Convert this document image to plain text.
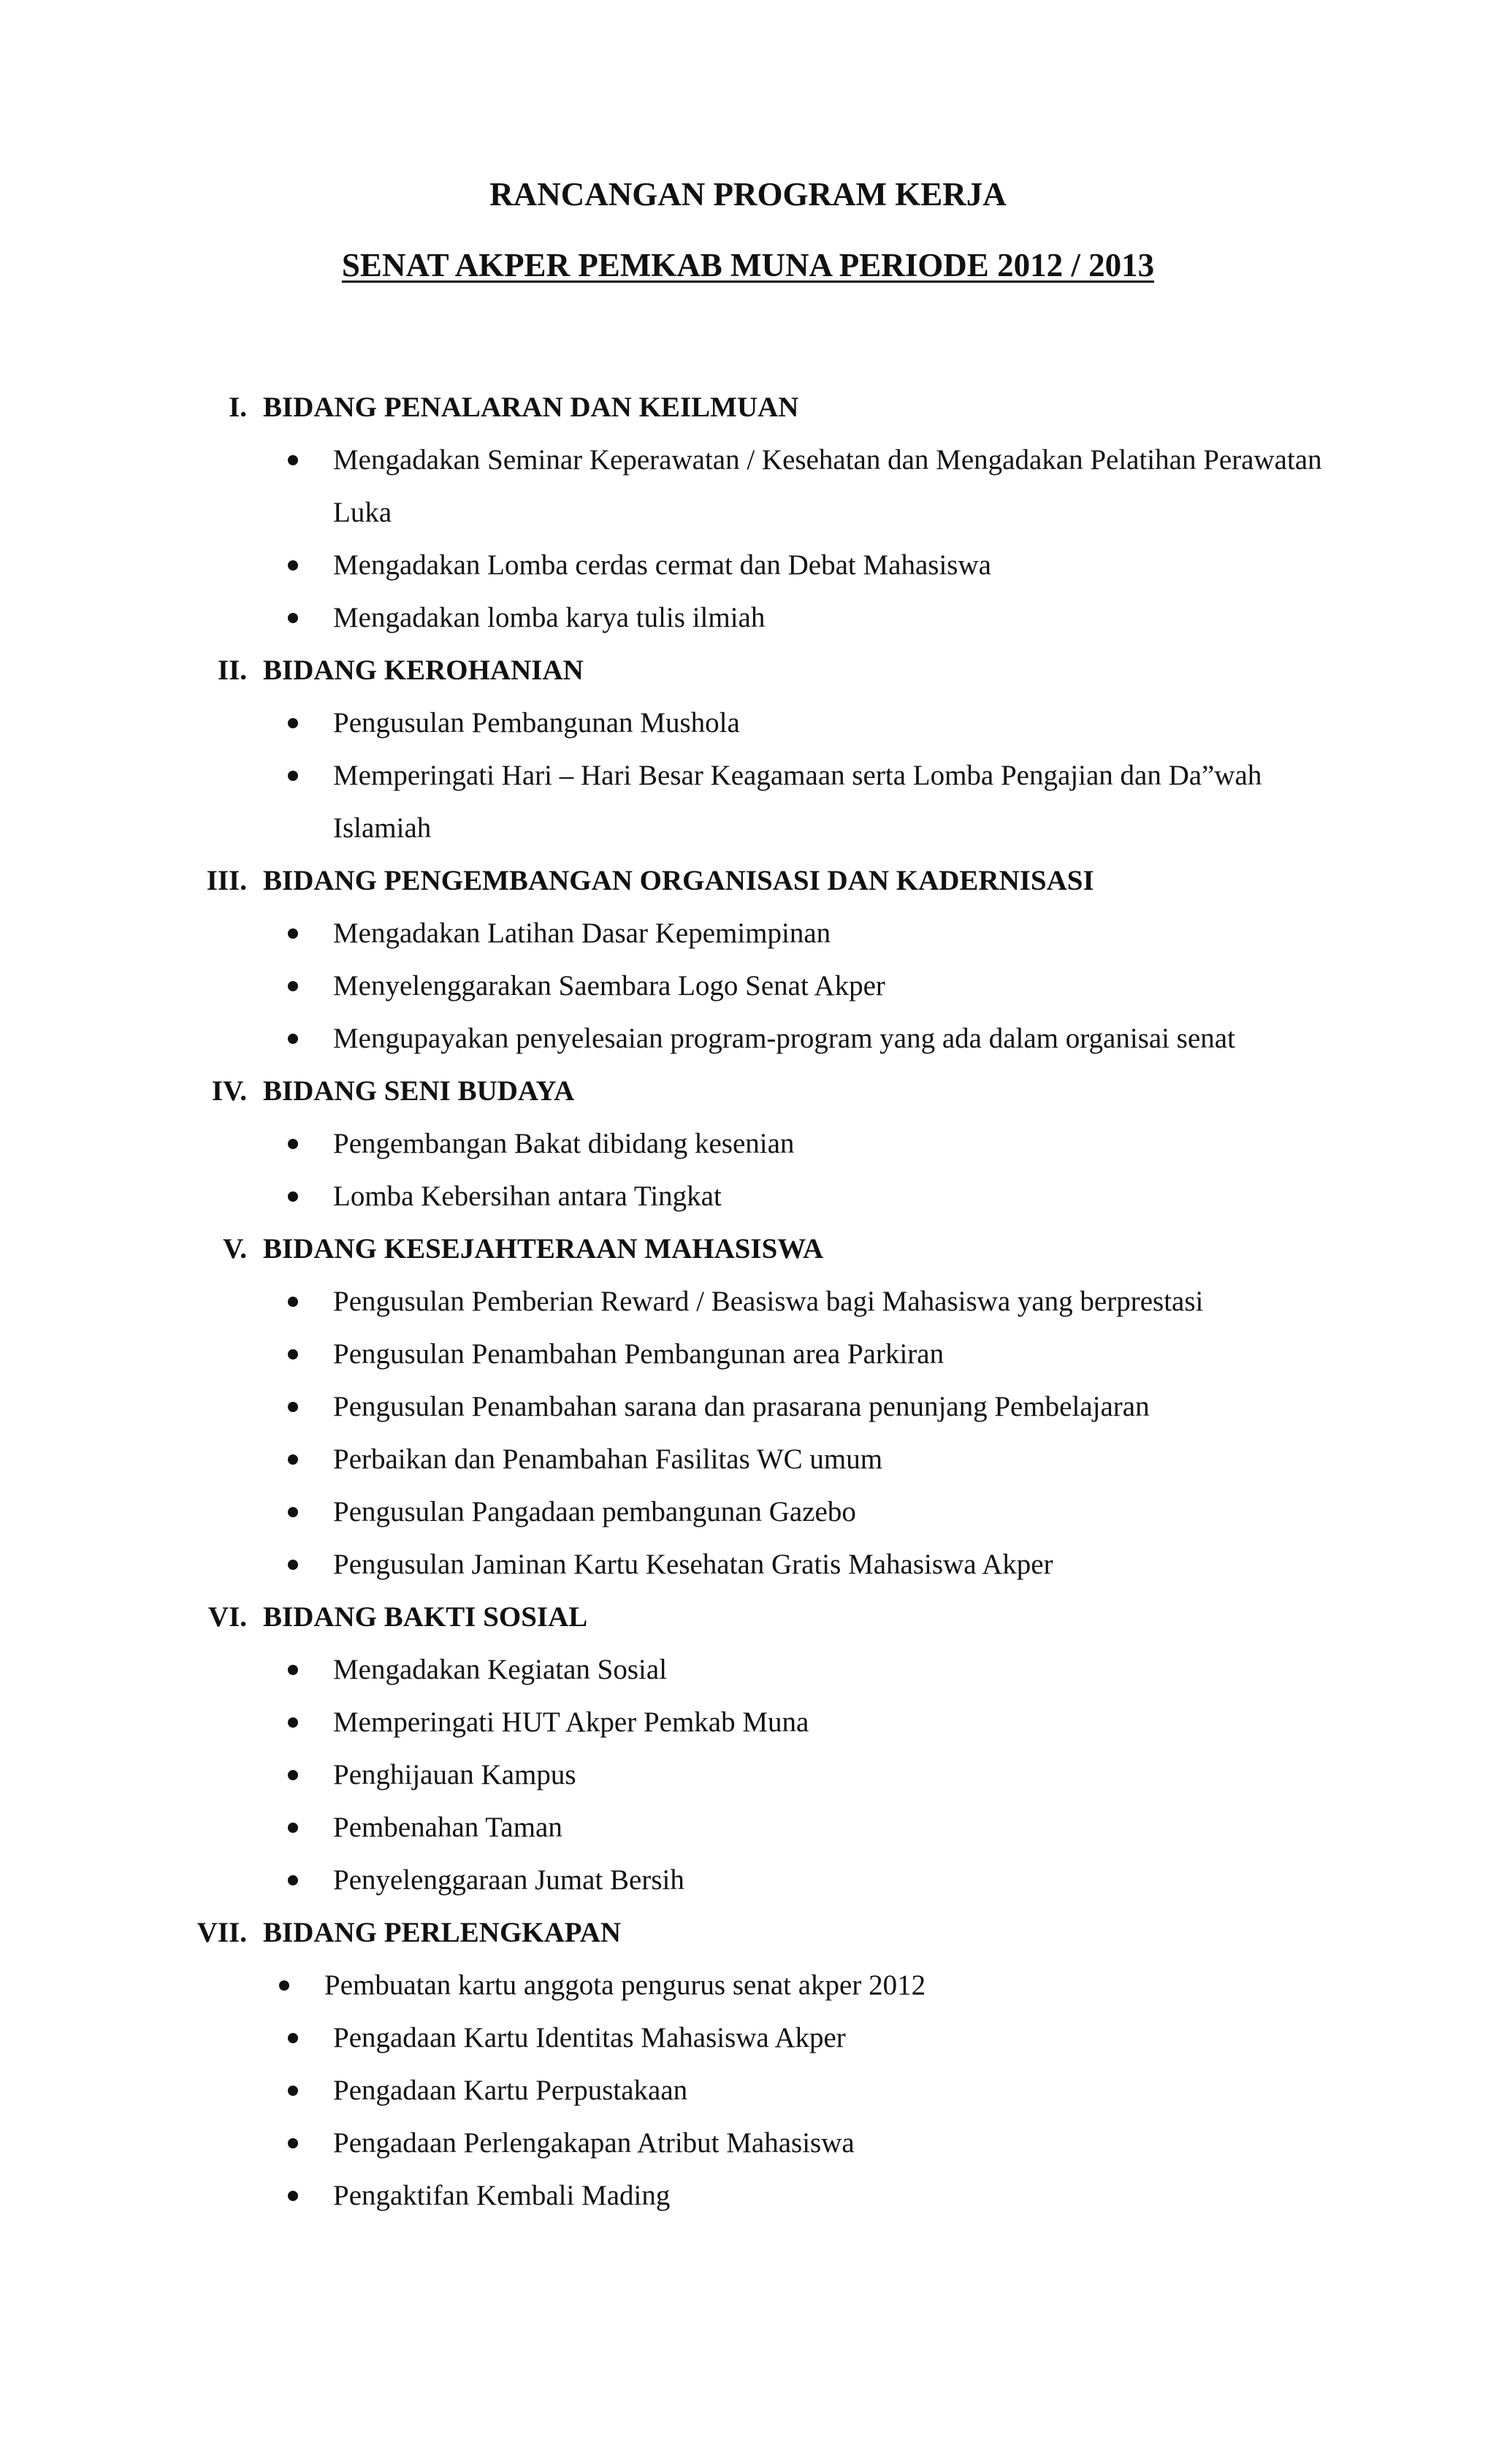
RANCANGAN PROGRAM KERJA
SENAT AKPER PEMKAB MUNA PERIODE 2012 / 2013
I. BIDANG PENALARAN DAN KEILMUAN
Mengadakan Seminar Keperawatan / Kesehatan dan Mengadakan Pelatihan Perawatan Luka
Mengadakan Lomba cerdas cermat dan Debat Mahasiswa
Mengadakan lomba karya tulis ilmiah
II. BIDANG KEROHANIAN
Pengusulan Pembangunan Mushola
Memperingati Hari – Hari Besar Keagamaan serta Lomba Pengajian dan Da”wah Islamiah
III. BIDANG PENGEMBANGAN ORGANISASI DAN KADERNISASI
Mengadakan Latihan Dasar Kepemimpinan
Menyelenggarakan Saembara Logo Senat Akper
Mengupayakan penyelesaian program-program yang ada dalam organisai senat
IV. BIDANG SENI BUDAYA
Pengembangan Bakat dibidang kesenian
Lomba Kebersihan antara Tingkat
V. BIDANG KESEJAHTERAAN MAHASISWA
Pengusulan Pemberian Reward / Beasiswa bagi Mahasiswa yang berprestasi
Pengusulan Penambahan Pembangunan area Parkiran
Pengusulan Penambahan sarana dan prasarana penunjang Pembelajaran
Perbaikan dan Penambahan Fasilitas WC umum
Pengusulan Pangadaan pembangunan Gazebo
Pengusulan Jaminan Kartu Kesehatan Gratis Mahasiswa Akper
VI. BIDANG BAKTI SOSIAL
Mengadakan Kegiatan Sosial
Memperingati HUT Akper Pemkab Muna
Penghijauan Kampus
Pembenahan Taman
Penyelenggaraan Jumat Bersih
VII. BIDANG PERLENGKAPAN
Pembuatan kartu anggota pengurus senat akper 2012
Pengadaan Kartu Identitas Mahasiswa Akper
Pengadaan Kartu Perpustakaan
Pengadaan Perlengakapan Atribut Mahasiswa
Pengaktifan Kembali Mading
